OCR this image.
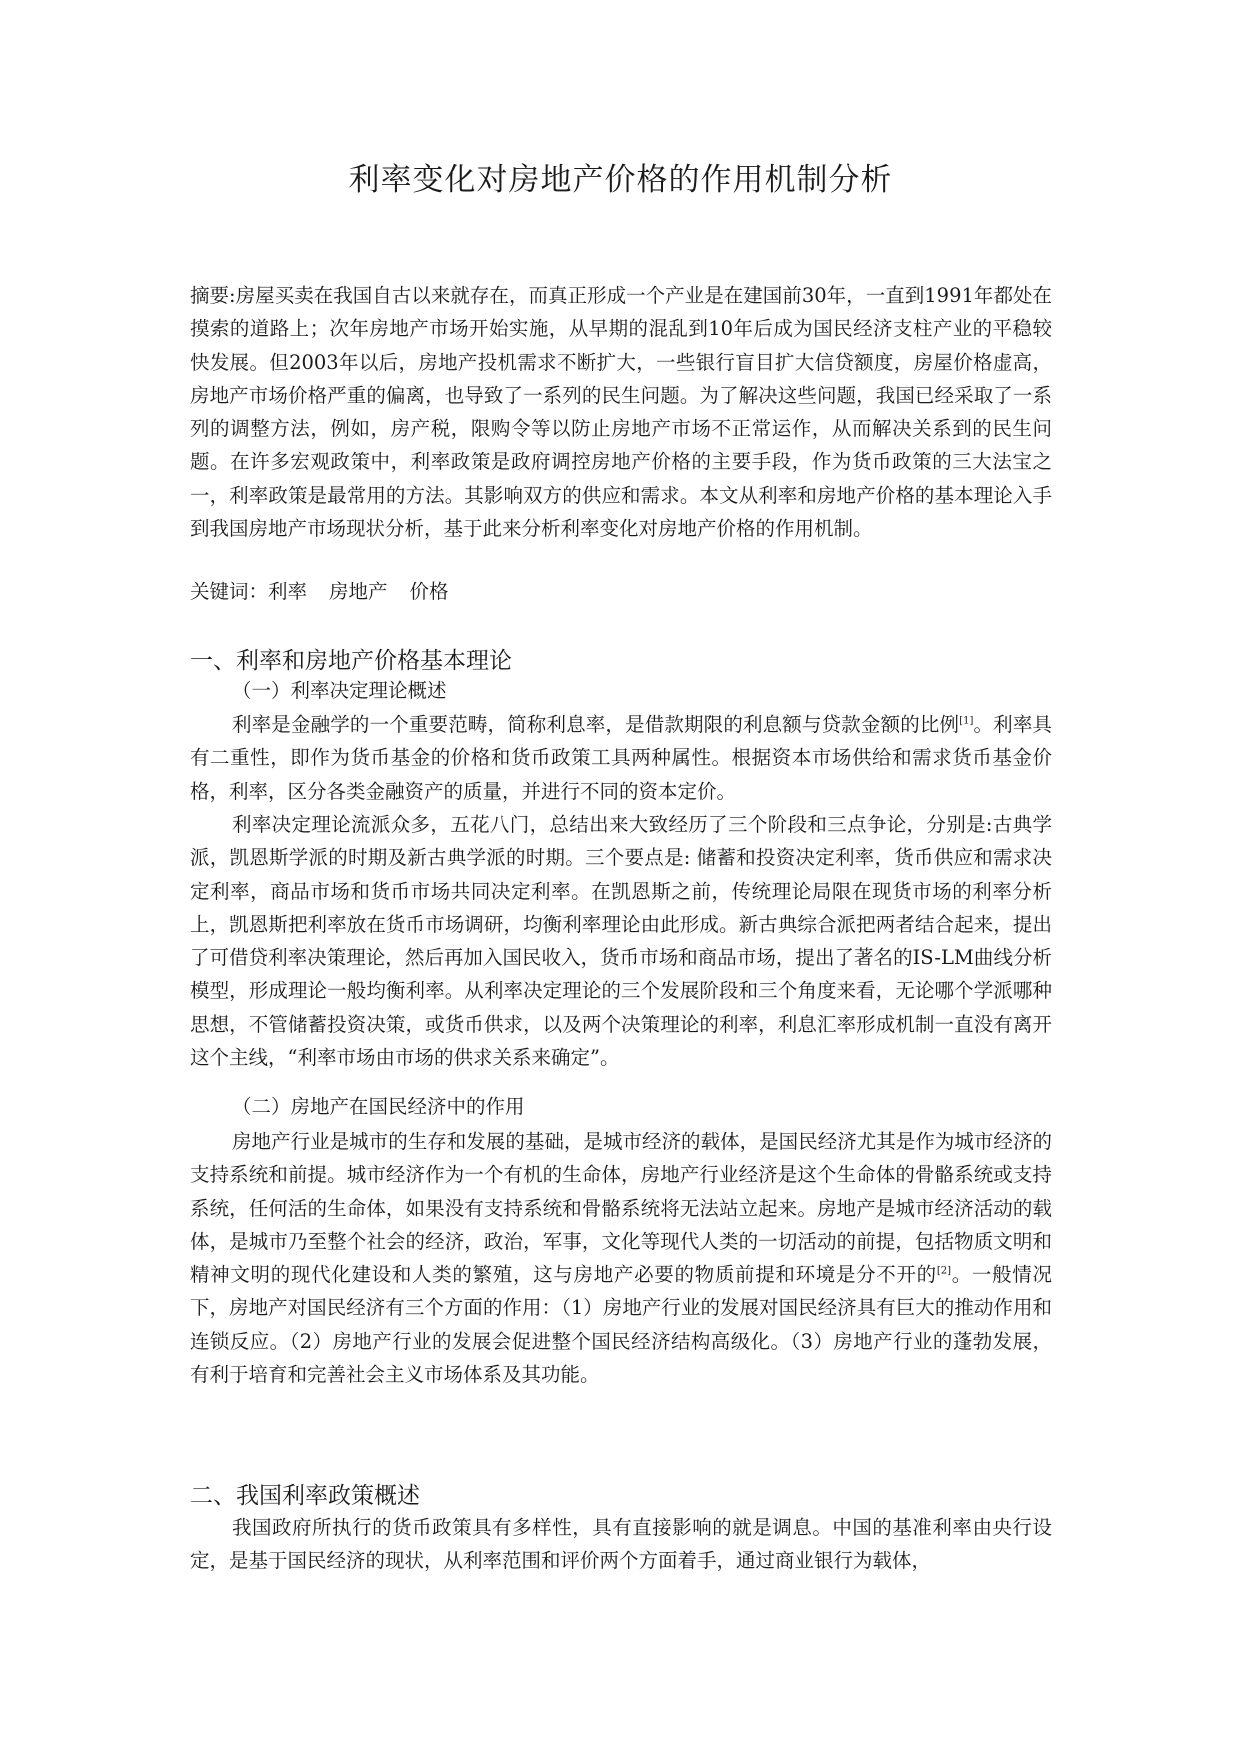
利率变化对房地产价格的作用机制分析
摘要:房屋买卖在我国自古以来就存在，而真正形成一个产业是在建国前30年，一直到1991年都处在摸索的道路上；次年房地产市场开始实施，从早期的混乱到10年后成为国民经济支柱产业的平稳较快发展。但2003年以后，房地产投机需求不断扩大，一些银行盲目扩大信贷额度，房屋价格虚高，房地产市场价格严重的偏离，也导致了一系列的民生问题。为了解决这些问题，我国已经采取了一系列的调整方法，例如，房产税，限购令等以防止房地产市场不正常运作，从而解决关系到的民生问题。在许多宏观政策中，利率政策是政府调控房地产价格的主要手段，作为货币政策的三大法宝之一，利率政策是最常用的方法。其影响双方的供应和需求。本文从利率和房地产价格的基本理论入手到我国房地产市场现状分析，基于此来分析利率变化对房地产价格的作用机制。
关键词：利率 房地产 价格
一、利率和房地产价格基本理论
（一）利率决定理论概述
利率是金融学的一个重要范畴，简称利息率，是借款期限的利息额与贷款金额的比例[1]。利率具有二重性，即作为货币基金的价格和货币政策工具两种属性。根据资本市场供给和需求货币基金价格，利率，区分各类金融资产的质量，并进行不同的资本定价。
利率决定理论流派众多，五花八门，总结出来大致经历了三个阶段和三点争论，分别是:古典学派，凯恩斯学派的时期及新古典学派的时期。三个要点是: 储蓄和投资决定利率，货币供应和需求决定利率，商品市场和货币市场共同决定利率。在凯恩斯之前，传统理论局限在现货市场的利率分析上，凯恩斯把利率放在货币市场调研，均衡利率理论由此形成。新古典综合派把两者结合起来，提出了可借贷利率决策理论，然后再加入国民收入，货币市场和商品市场，提出了著名的IS-LM曲线分析模型，形成理论一般均衡利率。从利率决定理论的三个发展阶段和三个角度来看，无论哪个学派哪种思想，不管储蓄投资决策，或货币供求，以及两个决策理论的利率，利息汇率形成机制一直没有离开这个主线，“利率市场由市场的供求关系来确定”。
（二）房地产在国民经济中的作用
房地产行业是城市的生存和发展的基础，是城市经济的载体，是国民经济尤其是作为城市经济的支持系统和前提。城市经济作为一个有机的生命体，房地产行业经济是这个生命体的骨骼系统或支持系统，任何活的生命体，如果没有支持系统和骨骼系统将无法站立起来。房地产是城市经济活动的载体，是城市乃至整个社会的经济，政治，军事，文化等现代人类的一切活动的前提，包括物质文明和精神文明的现代化建设和人类的繁殖，这与房地产必要的物质前提和环境是分不开的[2]。一般情况下，房地产对国民经济有三个方面的作用：（1）房地产行业的发展对国民经济具有巨大的推动作用和连锁反应。（2）房地产行业的发展会促进整个国民经济结构高级化。（3）房地产行业的蓬勃发展，有利于培育和完善社会主义市场体系及其功能。
二、我国利率政策概述
我国政府所执行的货币政策具有多样性，具有直接影响的就是调息。中国的基准利率由央行设定，是基于国民经济的现状，从利率范围和评价两个方面着手，通过商业银行为载体，
